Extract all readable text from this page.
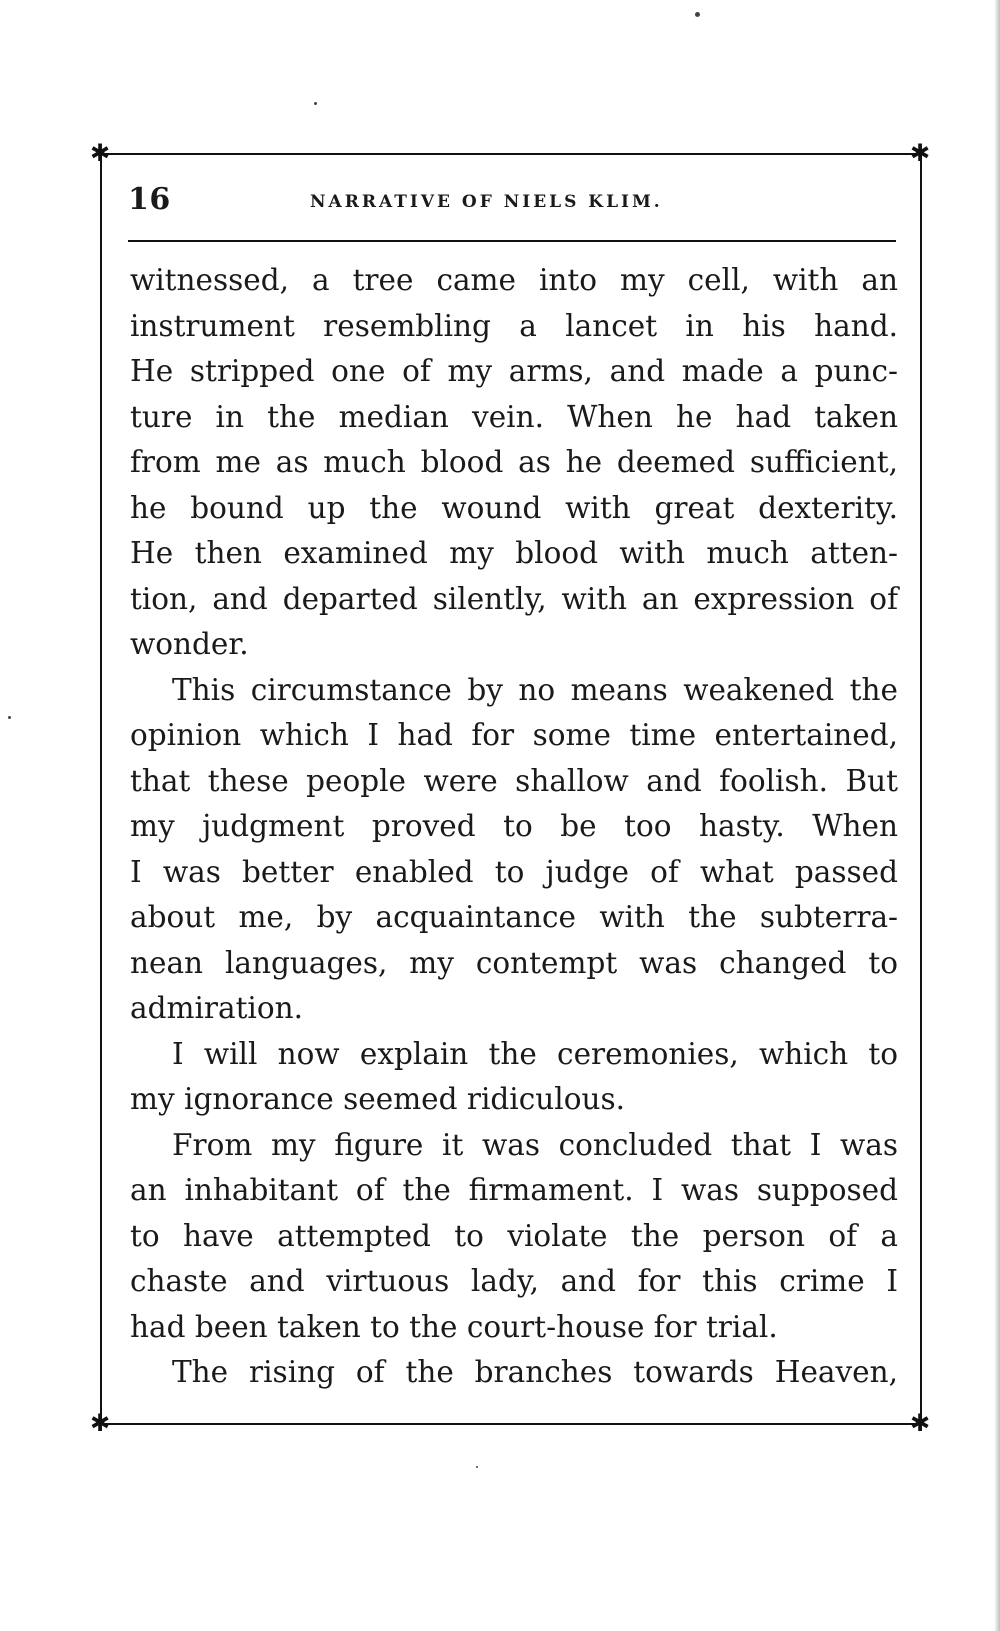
✱	✱
✱	✱
16	NARRATIVE OF NIELS KLIM.
witnessed, a tree came into my cell, with an
instrument resembling a lancet in his hand.
He stripped one of my arms, and made a punc-
ture in the median vein. When he had taken
from me as much blood as he deemed sufficient,
he bound up the wound with great dexterity.
He then examined my blood with much atten-
tion, and departed silently, with an expression of
wonder.
This circumstance by no means weakened the
opinion which I had for some time entertained,
that these people were shallow and foolish. But
my judgment proved to be too hasty. When
I was better enabled to judge of what passed
about me, by acquaintance with the subterra-
nean languages, my contempt was changed to
admiration.
I will now explain the ceremonies, which to
my ignorance seemed ridiculous.
From my figure it was concluded that I was
an inhabitant of the firmament. I was supposed
to have attempted to violate the person of a
chaste and virtuous lady, and for this crime I
had been taken to the court-house for trial.
The rising of the branches towards Heaven,
